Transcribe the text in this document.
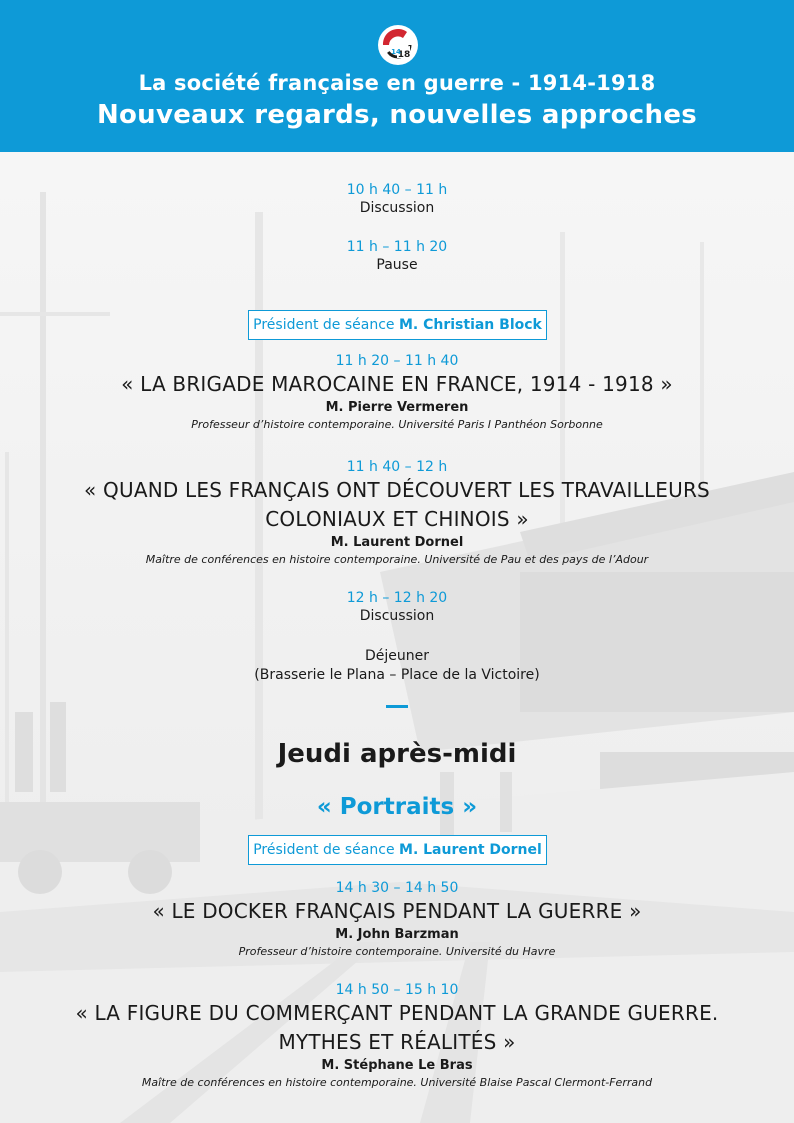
18
14
La société française en guerre - 1914-1918
Nouveaux regards, nouvelles approches
10 h 40 – 11 h
Discussion
11 h – 11 h 20
Pause
Président de séance M. Christian Block
11 h 20 – 11 h 40
« LA BRIGADE MAROCAINE EN FRANCE, 1914 - 1918 »
M. Pierre Vermeren
Professeur d’histoire contemporaine. Université Paris I Panthéon Sorbonne
11 h 40 – 12 h
« QUAND LES FRANÇAIS ONT DÉCOUVERT LES TRAVAILLEURS
COLONIAUX ET CHINOIS »
M. Laurent Dornel
Maître de conférences en histoire contemporaine. Université de Pau et des pays de l’Adour
12 h – 12 h 20
Discussion
Déjeuner
(Brasserie le Plana – Place de la Victoire)
Jeudi après-midi
« Portraits »
Président de séance M. Laurent Dornel
14 h 30 – 14 h 50
« LE DOCKER FRANÇAIS PENDANT LA GUERRE »
M. John Barzman
Professeur d’histoire contemporaine. Université du Havre
14 h 50 – 15 h 10
« LA FIGURE DU COMMERÇANT PENDANT LA GRANDE GUERRE.
MYTHES ET RÉALITÉS »
M. Stéphane Le Bras
Maître de conférences en histoire contemporaine. Université Blaise Pascal Clermont-Ferrand
